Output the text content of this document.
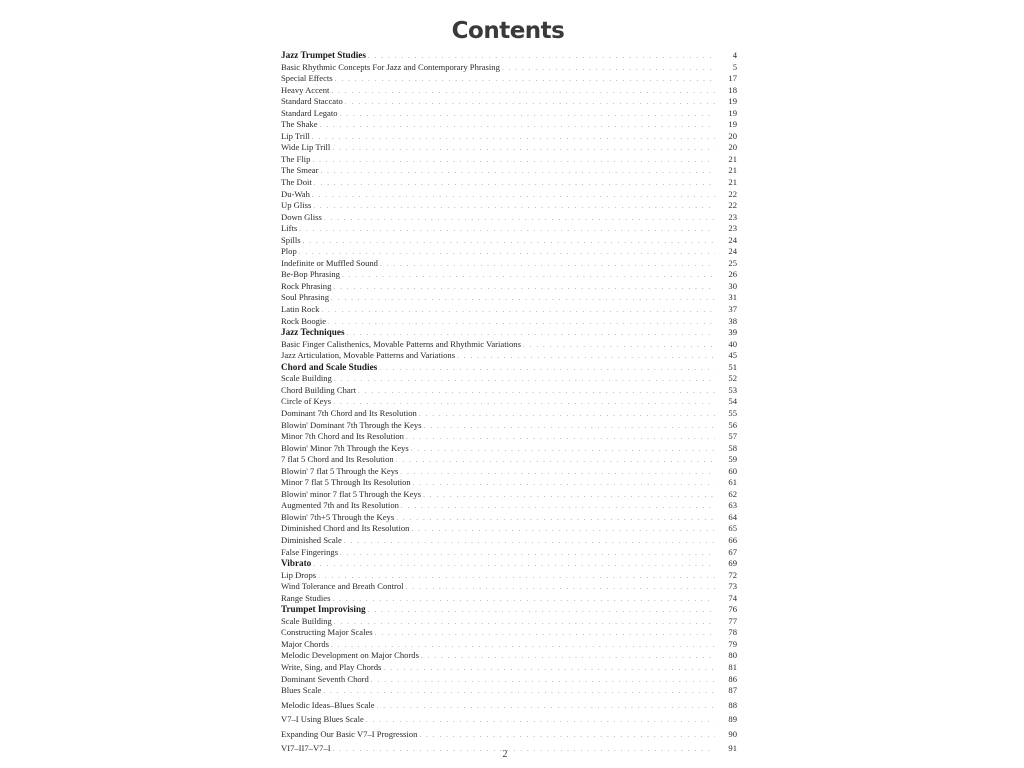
Contents
Jazz Trumpet Studies . . .	4
Basic Rhythmic Concepts For Jazz and Contemporary Phrasing . . .	5
Special Effects . . .	17
Heavy Accent . . .	18
Standard Staccato . . .	19
Standard Legato . . .	19
The Shake . . .	19
Lip Trill . . .	20
Wide Lip Trill . . .	20
The Flip . . .	21
The Smear . . .	21
The Doit . . .	21
Du-Wah . . .	22
Up Gliss . . .	22
Down Gliss . . .	23
Lifts . . .	23
Spills . . .	24
Plop . . .	24
Indefinite or Muffled Sound . . .	25
Be-Bop Phrasing . . .	26
Rock Phrasing . . .	30
Soul Phrasing . . .	31
Latin Rock . . .	37
Rock Boogie . . .	38
Jazz Techniques . . .	39
Basic Finger Calisthenics, Movable Patterns and Rhythmic Variations . . .	40
Jazz Articulation, Movable Patterns and Variations . . .	45
Chord and Scale Studies . . .	51
Scale Building . . .	52
Chord Building Chart . . .	53
Circle of Keys . . .	54
Dominant 7th Chord and Its Resolution . . .	55
Blowin' Dominant 7th Through the Keys . . .	56
Minor 7th Chord and Its Resolution . . .	57
Blowin' Minor 7th Through the Keys . . .	58
7 flat 5 Chord and Its Resolution . . .	59
Blowin' 7 flat 5 Through the Keys . . .	60
Minor 7 flat 5 Through Its Resolution . . .	61
Blowin' minor 7 flat 5 Through the Keys . . .	62
Augmented 7th and Its Resolution . . .	63
Blowin' 7th+5 Through the Keys . . .	64
Diminished Chord and Its Resolution . . .	65
Diminished Scale . . .	66
False Fingerings . . .	67
Vibrato . . .	69
Lip Drops . . .	72
Wind Tolerance and Breath Control . . .	73
Range Studies . . .	74
Trumpet Improvising . . .	76
Scale Building . . .	77
Constructing Major Scales . . .	78
Major Chords . . .	79
Melodic Development on Major Chords . . .	80
Write, Sing, and Play Chords . . .	81
Dominant Seventh Chord . . .	86
Blues Scale . . .	87
Melodic Ideas–Blues Scale . . .	88
V7–I Using Blues Scale . . .	89
Expanding Our Basic V7–I Progression . . .	90
VI7–II7–V7–I . . .	91
2
